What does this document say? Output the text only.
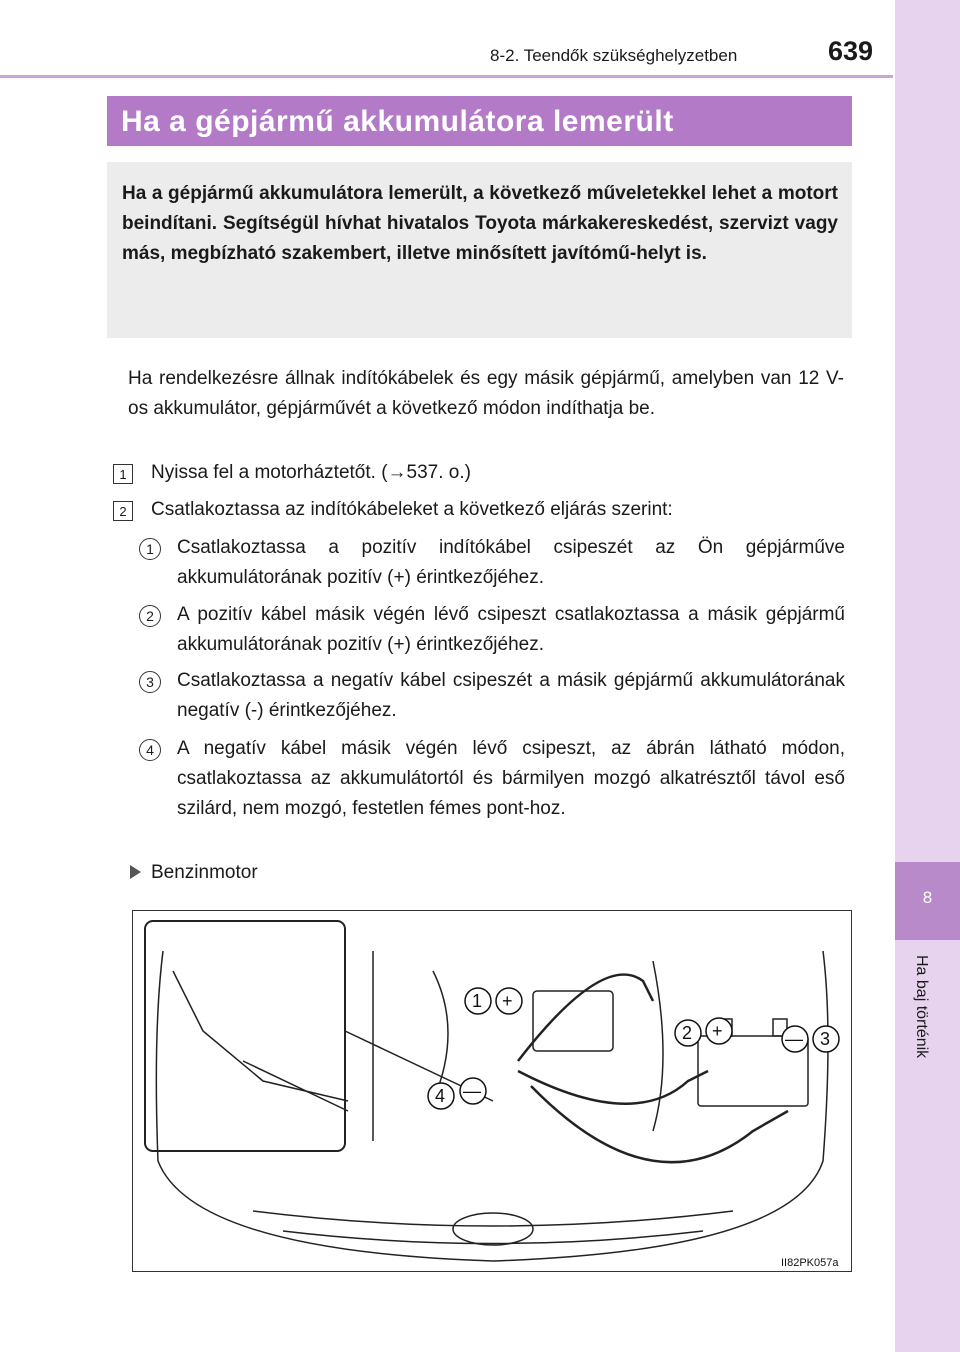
8-2. Teendők szükséghelyzetben	639
8
Ha baj történik
Ha a gépjármű akkumulátora lemerült
Ha a gépjármű akkumulátora lemerült, a következő műveletekkel lehet a motort beindítani. Segítségül hívhat hivatalos Toyota márkakereskedést, szervizt vagy más, megbízható szakembert, illetve minősített javítómű-helyt is.
Ha rendelkezésre állnak indítókábelek és egy másik gépjármű, amelyben van 12 V-os akkumulátor, gépjárművét a következő módon indíthatja be.
1	Nyissa fel a motorháztetőt. (→537. o.)
2	Csatlakoztassa az indítókábeleket a következő eljárás szerint:
1	Csatlakoztassa a pozitív indítókábel csipeszét az Ön gépjárműve akkumulátorának pozitív (+) érintkezőjéhez.
2	A pozitív kábel másik végén lévő csipeszt csatlakoztassa a másik gépjármű akkumulátorának pozitív (+) érintkezőjéhez.
3	Csatlakoztassa a negatív kábel csipeszét a másik gépjármű akkumulátorának negatív (-) érintkezőjéhez.
4	A negatív kábel másik végén lévő csipeszt, az ábrán látható módon, csatlakoztassa az akkumulátortól és bármilyen mozgó alkatrésztől távol eső szilárd, nem mozgó, festetlen fémes pont-hoz.
Benzinmotor
1 +
2 +	— 3
4 —
II82PK057a
